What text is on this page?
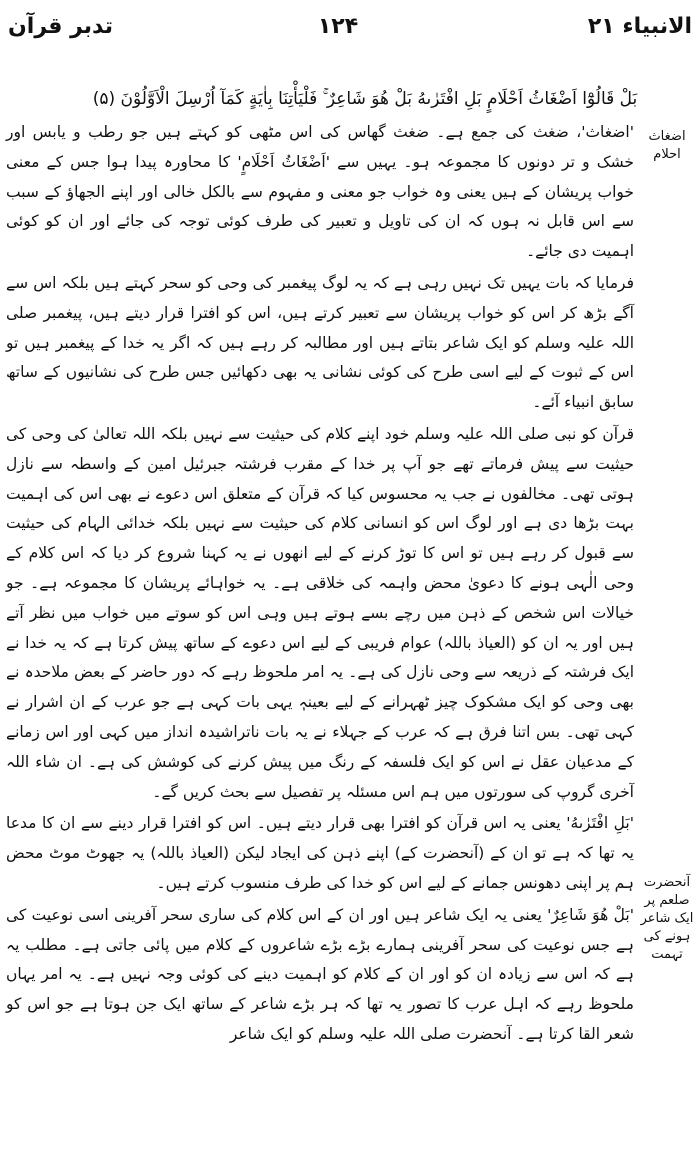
الانبیاء ۲۱
۱۲۴
تدبر قرآن
بَلْ قَالُوْٓا اَضْغَاثُ اَحْلَامٍ بَلِ افْتَرٰىهُ بَلْ هُوَ شَاعِرٌ ۚ فَلْيَأْتِنَا بِاٰيَةٍ كَمَآ اُرْسِلَ الْاَوَّلُوْنَ (۵)
اضغاث احلام
آنحضرت صلعم پر ایک شاعر ہونے کی تہمت

'اضغاث'، ضغث کی جمع ہے۔ ضغث گھاس کی اس مٹھی کو کہتے ہیں جو رطب و یابس اور خشک و تر دونوں کا مجموعہ ہو۔ یہیں سے 'اَضْغَاثُ اَحْلَامٍ' کا محاورہ پیدا ہوا جس کے معنی خواب پریشان کے ہیں یعنی وہ خواب جو معنی و مفہوم سے بالکل خالی اور اپنے الجھاؤ کے سبب سے اس قابل نہ ہوں کہ ان کی تاویل و تعبیر کی طرف کوئی توجہ کی جائے اور ان کو کوئی اہمیت دی جائے۔

فرمایا کہ بات یہیں تک نہیں رہی ہے کہ یہ لوگ پیغمبر کی وحی کو سحر کہتے ہیں بلکہ اس سے آگے بڑھ کر اس کو خواب پریشان سے تعبیر کرتے ہیں، اس کو افترا قرار دیتے ہیں، پیغمبر صلی اللہ علیہ وسلم کو ایک شاعر بتاتے ہیں اور مطالبہ کر رہے ہیں کہ اگر یہ خدا کے پیغمبر ہیں تو اس کے ثبوت کے لیے اسی طرح کی کوئی نشانی یہ بھی دکھائیں جس طرح کی نشانیوں کے ساتھ سابق انبیاء آئے۔

قرآن کو نبی صلی اللہ علیہ وسلم خود اپنے کلام کی حیثیت سے نہیں بلکہ اللہ تعالیٰ کی وحی کی حیثیت سے پیش فرماتے تھے جو آپ پر خدا کے مقرب فرشتہ جبرئیل امین کے واسطہ سے نازل ہوتی تھی۔ مخالفوں نے جب یہ محسوس کیا کہ قرآن کے متعلق اس دعوے نے بھی اس کی اہمیت بہت بڑھا دی ہے اور لوگ اس کو انسانی کلام کی حیثیت سے نہیں بلکہ خدائی الہام کی حیثیت سے قبول کر رہے ہیں تو اس کا توڑ کرنے کے لیے انھوں نے یہ کہنا شروع کر دیا کہ اس کلام کے وحی الٰہی ہونے کا دعویٰ محض واہمہ کی خلاقی ہے۔ یہ خواہائے پریشان کا مجموعہ ہے۔ جو خیالات اس شخص کے ذہن میں رچے بسے ہوتے ہیں وہی اس کو سوتے میں خواب میں نظر آتے ہیں اور یہ ان کو (العیاذ باللہ) عوام فریبی کے لیے اس دعوے کے ساتھ پیش کرتا ہے کہ یہ خدا نے ایک فرشتہ کے ذریعہ سے وحی نازل کی ہے۔ یہ امر ملحوظ رہے کہ دور حاضر کے بعض ملاحدہ نے بھی وحی کو ایک مشکوک چیز ٹھہرانے کے لیے بعینہٖ یہی بات کہی ہے جو عرب کے ان اشرار نے کہی تھی۔ بس اتنا فرق ہے کہ عرب کے جہلاء نے یہ بات ناتراشیدہ انداز میں کہی اور اس زمانے کے مدعیان عقل نے اس کو ایک فلسفہ کے رنگ میں پیش کرنے کی کوشش کی ہے۔ ان شاء اللہ آخری گروپ کی سورتوں میں ہم اس مسئلہ پر تفصیل سے بحث کریں گے۔

'بَلِ افْتَرٰىهُ' یعنی یہ اس قرآن کو افترا بھی قرار دیتے ہیں۔ اس کو افترا قرار دینے سے ان کا مدعا یہ تھا کہ ہے تو ان کے (آنحضرت کے) اپنے ذہن کی ایجاد لیکن (العیاذ باللہ) یہ جھوٹ موٹ محض ہم پر اپنی دھونس جمانے کے لیے اس کو خدا کی طرف منسوب کرتے ہیں۔

'بَلْ هُوَ شَاعِرٌ' یعنی یہ ایک شاعر ہیں اور ان کے اس کلام کی ساری سحر آفرینی اسی نوعیت کی ہے جس نوعیت کی سحر آفرینی ہمارے بڑے بڑے شاعروں کے کلام میں پائی جاتی ہے۔ مطلب یہ ہے کہ اس سے زیادہ ان کو اور ان کے کلام کو اہمیت دینے کی کوئی وجہ نہیں ہے۔ یہ امر یہاں ملحوظ رہے کہ اہل عرب کا تصور یہ تھا کہ ہر بڑے شاعر کے ساتھ ایک جن ہوتا ہے جو اس کو شعر القا کرتا ہے۔ آنحضرت صلی اللہ علیہ وسلم کو ایک شاعر
